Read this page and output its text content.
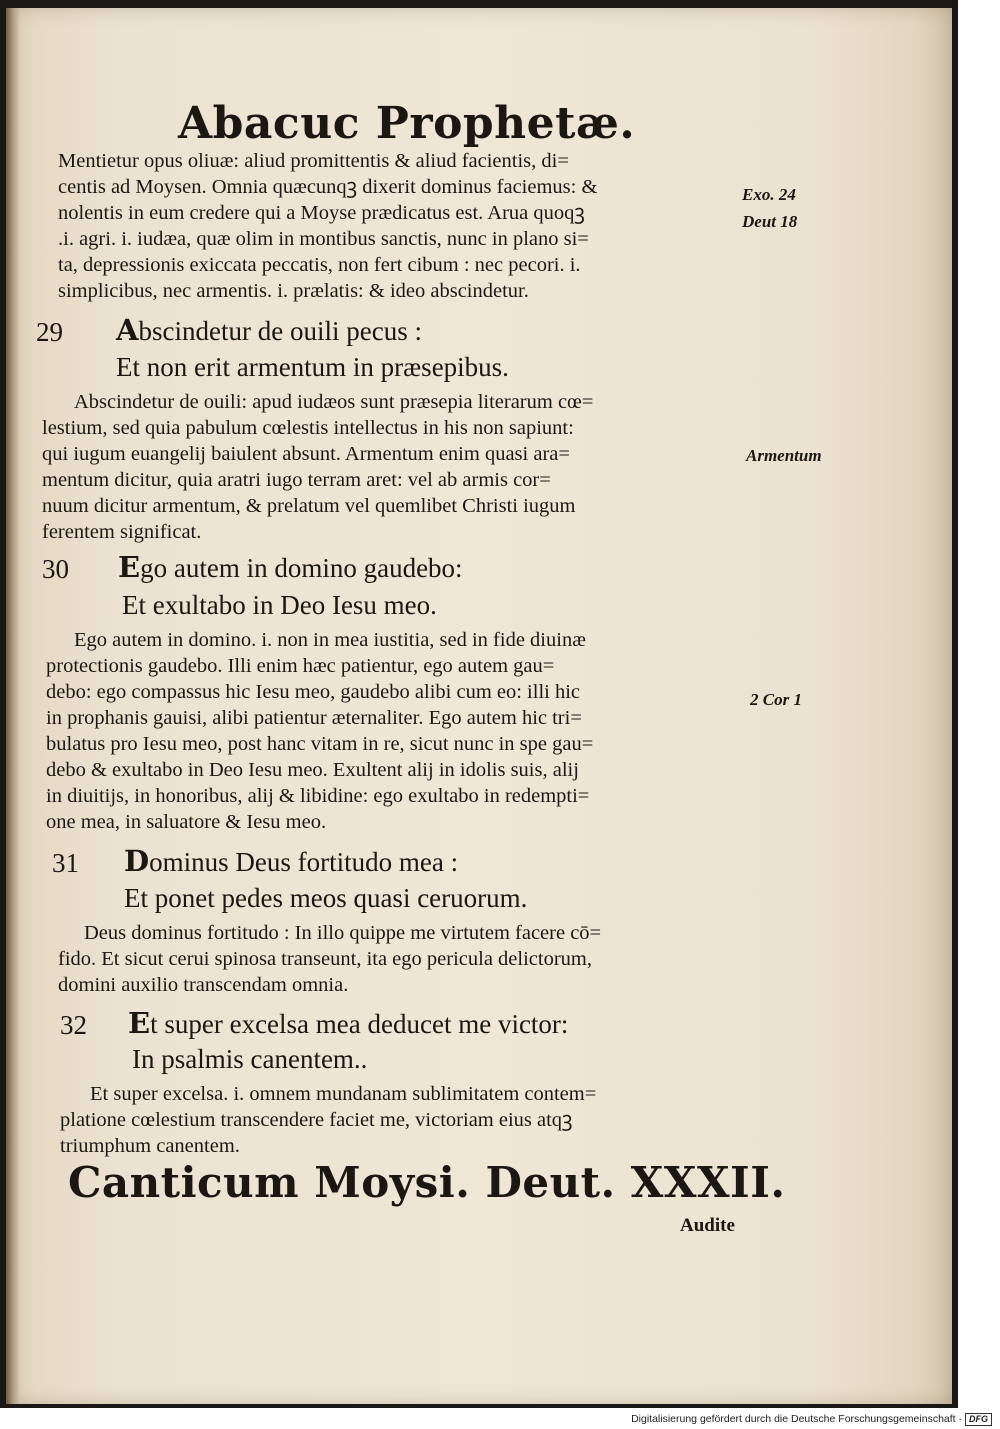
Abacuc Prophetæ.

Mentietur opus oliuæ: aliud promittentis & aliud facientis, di=

centis ad Moysen. Omnia quæcunqꝫ dixerit dominus faciemus: &

nolentis in eum credere qui a Moyse prædicatus est. Arua quoqꝫ

.i. agri. i. iudæa, quæ olim in montibus sanctis, nunc in plano si=

ta, depressionis exiccata peccatis, non fert cibum : nec pecori. i.

simplicibus, nec armentis. i. prælatis: & ideo abscindetur.

29 Abscindetur de ouili pecus :

Et non erit armentum in præsepibus.

Abscindetur de ouili: apud iudæos sunt præsepia literarum cœ=

lestium, sed quia pabulum cœlestis intellectus in his non sapiunt:

qui iugum euangelij baiulent absunt. Armentum enim quasi ara=

mentum dicitur, quia aratri iugo terram aret: vel ab armis cor=

nuum dicitur armentum, & prelatum vel quemlibet Christi iugum

ferentem significat.

30 Ego autem in domino gaudebo:

Et exultabo in Deo Iesu meo.

Ego autem in domino. i. non in mea iustitia, sed in fide diuinæ

protectionis gaudebo. Illi enim hæc patientur, ego autem gau=

debo: ego compassus hic Iesu meo, gaudebo alibi cum eo: illi hic

in prophanis gauisi, alibi patientur æternaliter. Ego autem hic tri=

bulatus pro Iesu meo, post hanc vitam in re, sicut nunc in spe gau=

debo & exultabo in Deo Iesu meo. Exultent alij in idolis suis, alij

in diuitijs, in honoribus, alij & libidine: ego exultabo in redempti=

one mea, in saluatore & Iesu meo.

31 Dominus Deus fortitudo mea :

Et ponet pedes meos quasi ceruorum.

Deus dominus fortitudo : In illo quippe me virtutem facere cō=

fido. Et sicut cerui spinosa transeunt, ita ego pericula delictorum,

domini auxilio transcendam omnia.

32 Et super excelsa mea deducet me victor:

In psalmis canentem..

Et super excelsa. i. omnem mundanam sublimitatem contem=

platione cœlestium transcendere faciet me, victoriam eius atqꝫ

triumphum canentem.

Canticum Moysi. Deut. XXXII.

Audite

Exo. 24

Deut 18

Armentum

2 Cor 1

Digitalisierung gefördert durch die Deutsche Forschungsgemeinschaft · DFG
